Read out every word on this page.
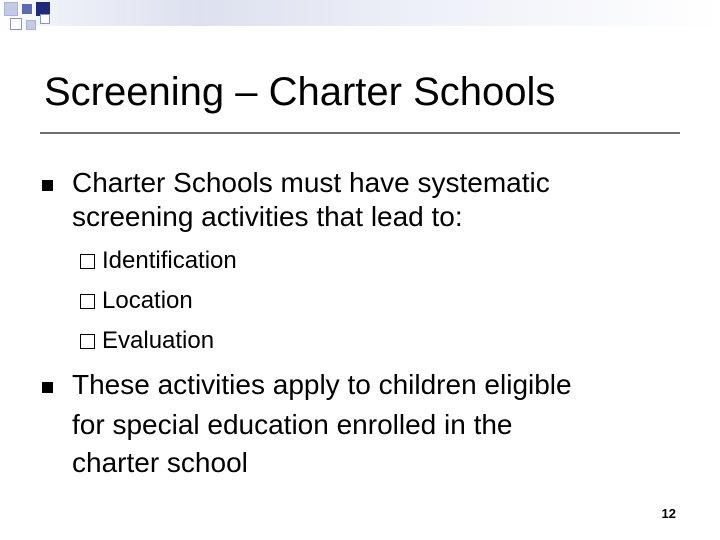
Screening – Charter Schools
Charter Schools must have systematic
screening activities that lead to:
Identification
Location
Evaluation
These activities apply to children eligible
for special education enrolled in the
charter school
12
